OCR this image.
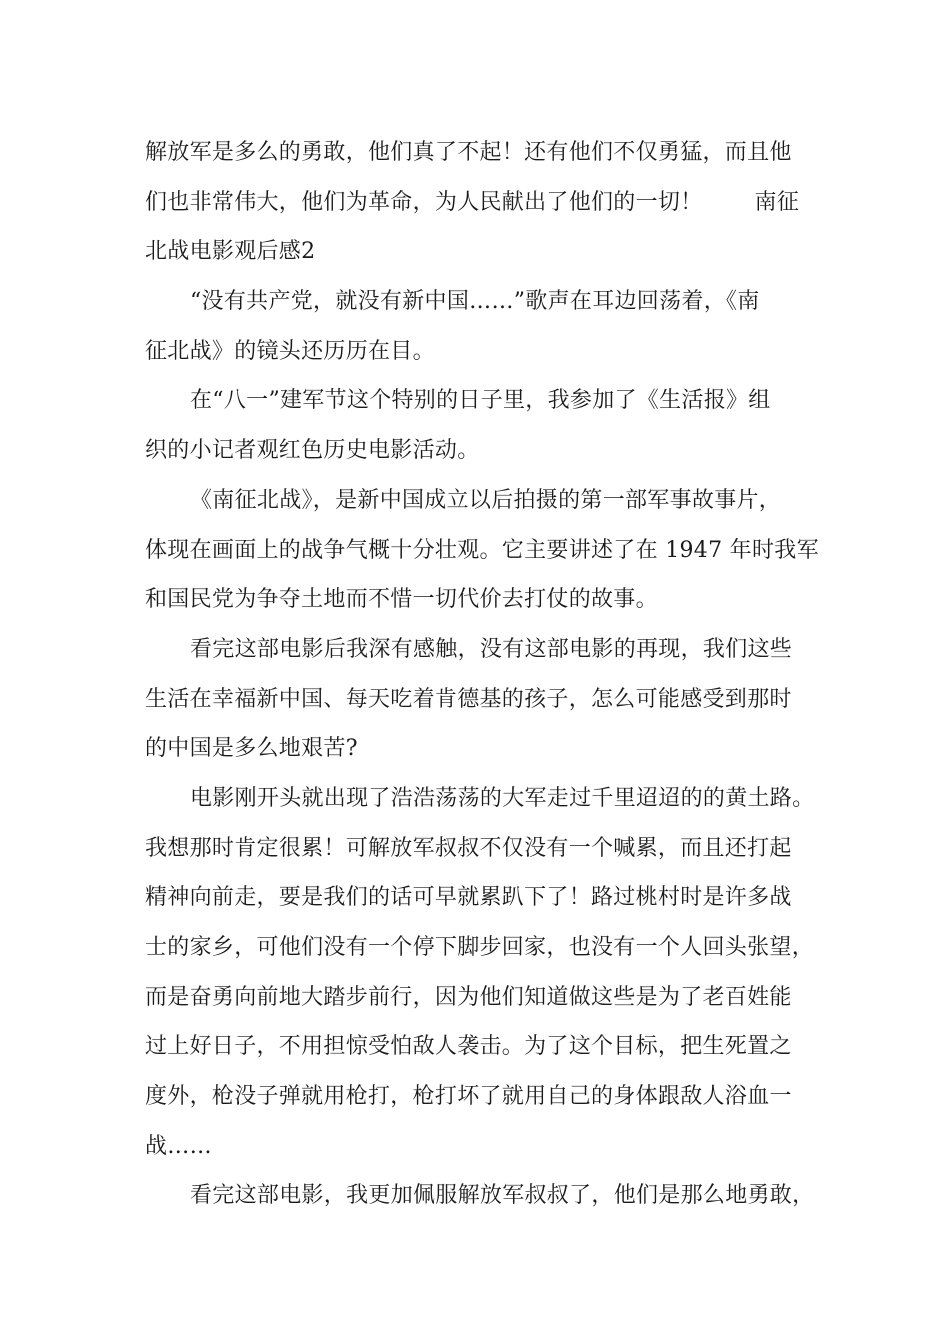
解放军是多么的勇敢，他们真了不起！还有他们不仅勇猛，而且他
们也非常伟大，他们为革命，为人民献出了他们的一切！ 南征
北战电影观后感2
“没有共产党，就没有新中国……”歌声在耳边回荡着，《南
征北战》的镜头还历历在目。
在“八一”建军节这个特别的日子里，我参加了《生活报》组
织的小记者观红色历史电影活动。
《南征北战》，是新中国成立以后拍摄的第一部军事故事片，
体现在画面上的战争气概十分壮观。它主要讲述了在 1947 年时我军
和国民党为争夺土地而不惜一切代价去打仗的故事。
看完这部电影后我深有感触，没有这部电影的再现，我们这些
生活在幸福新中国、每天吃着肯德基的孩子，怎么可能感受到那时
的中国是多么地艰苦?
电影刚开头就出现了浩浩荡荡的大军走过千里迢迢的的黄土路。
我想那时肯定很累！可解放军叔叔不仅没有一个喊累，而且还打起
精神向前走，要是我们的话可早就累趴下了！路过桃村时是许多战
士的家乡，可他们没有一个停下脚步回家，也没有一个人回头张望，
而是奋勇向前地大踏步前行，因为他们知道做这些是为了老百姓能
过上好日子，不用担惊受怕敌人袭击。为了这个目标，把生死置之
度外，枪没子弹就用枪打，枪打坏了就用自己的身体跟敌人浴血一
战……
看完这部电影，我更加佩服解放军叔叔了，他们是那么地勇敢，
